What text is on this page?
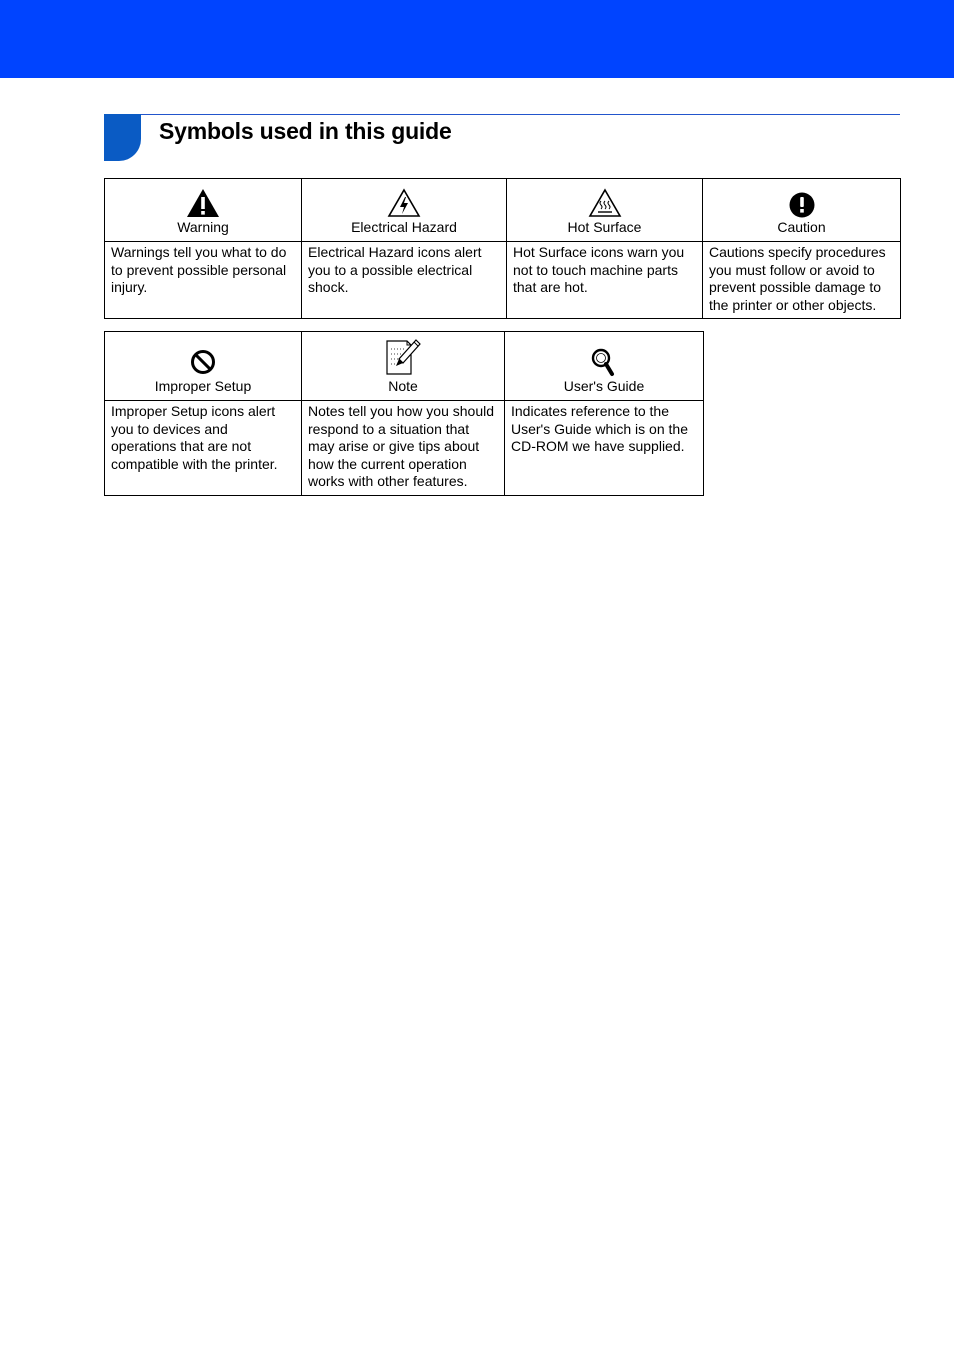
Symbols used in this guide
Warning	Electrical Hazard	Hot Surface	Caution

Warnings tell you what to do to prevent possible personal injury.	Electrical Hazard icons alert you to a possible electrical shock.	Hot Surface icons warn you not to touch machine parts that are hot.	Cautions specify procedures you must follow or avoid to prevent possible damage to the printer or other objects.
Improper Setup	Note	User's Guide

Improper Setup icons alert you to devices and operations that are not compatible with the printer.	Notes tell you how you should respond to a situation that may arise or give tips about how the current operation works with other features.	Indicates reference to the User's Guide which is on the CD-ROM we have supplied.
